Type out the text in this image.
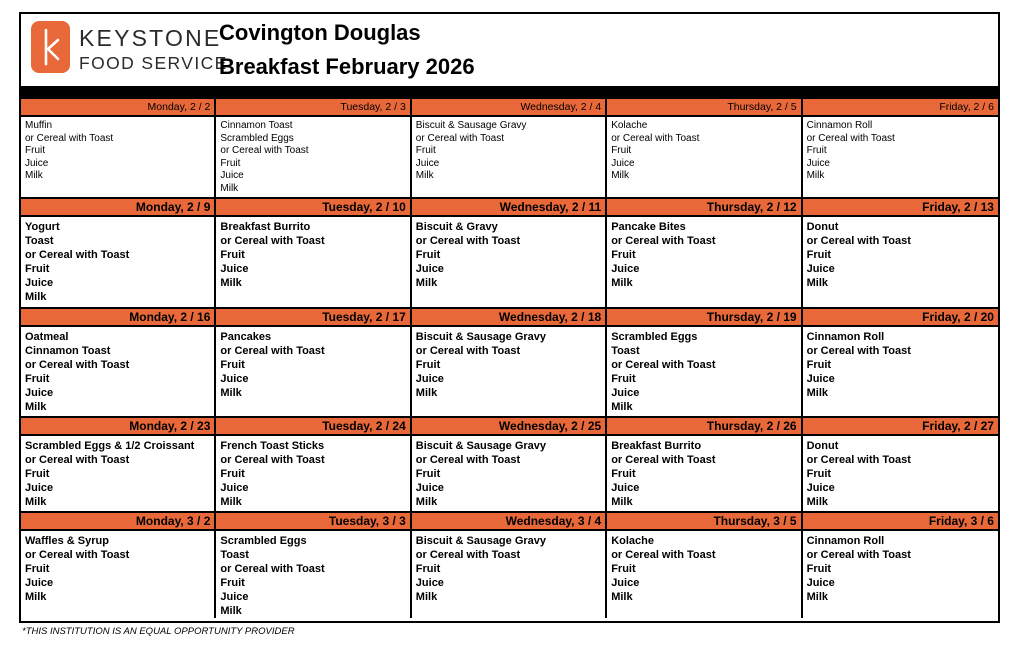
KEYSTONE
FOOD SERVICE
Covington Douglas
Breakfast February 2026
Monday, 2 / 2
Muffin
or Cereal with Toast
Fruit
Juice
Milk
Tuesday, 2 / 3
Cinnamon Toast
Scrambled Eggs
or Cereal with Toast
Fruit
Juice
Milk
Wednesday, 2 / 4
Biscuit & Sausage Gravy
or Cereal with Toast
Fruit
Juice
Milk
Thursday, 2 / 5
Kolache
or Cereal with Toast
Fruit
Juice
Milk
Friday, 2 / 6
Cinnamon Roll
or Cereal with Toast
Fruit
Juice
Milk
Monday, 2 / 9
Yogurt
Toast
or Cereal with Toast
Fruit
Juice
Milk
Tuesday, 2 / 10
Breakfast Burrito
or Cereal with Toast
Fruit
Juice
Milk
Wednesday, 2 / 11
Biscuit & Gravy
or Cereal with Toast
Fruit
Juice
Milk
Thursday, 2 / 12
Pancake Bites
or Cereal with Toast
Fruit
Juice
Milk
Friday, 2 / 13
Donut
or Cereal with Toast
Fruit
Juice
Milk
Monday, 2 / 16
Oatmeal
Cinnamon Toast
or Cereal with Toast
Fruit
Juice
Milk
Tuesday, 2 / 17
Pancakes
or Cereal with Toast
Fruit
Juice
Milk
Wednesday, 2 / 18
Biscuit & Sausage Gravy
or Cereal with Toast
Fruit
Juice
Milk
Thursday, 2 / 19
Scrambled Eggs
Toast
or Cereal with Toast
Fruit
Juice
Milk
Friday, 2 / 20
Cinnamon Roll
or Cereal with Toast
Fruit
Juice
Milk
Monday, 2 / 23
Scrambled Eggs & 1/2 Croissant
or Cereal with Toast
Fruit
Juice
Milk
Tuesday, 2 / 24
French Toast Sticks
or Cereal with Toast
Fruit
Juice
Milk
Wednesday, 2 / 25
Biscuit & Sausage Gravy
or Cereal with Toast
Fruit
Juice
Milk
Thursday, 2 / 26
Breakfast Burrito
or Cereal with Toast
Fruit
Juice
Milk
Friday, 2 / 27
Donut
or Cereal with Toast
Fruit
Juice
Milk
Monday, 3 / 2
Waffles & Syrup
or Cereal with Toast
Fruit
Juice
Milk
Tuesday, 3 / 3
Scrambled Eggs
Toast
or Cereal with Toast
Fruit
Juice
Milk
Wednesday, 3 / 4
Biscuit & Sausage Gravy
or Cereal with Toast
Fruit
Juice
Milk
Thursday, 3 / 5
Kolache
or Cereal with Toast
Fruit
Juice
Milk
Friday, 3 / 6
Cinnamon Roll
or Cereal with Toast
Fruit
Juice
Milk
*THIS INSTITUTION IS AN EQUAL OPPORTUNITY PROVIDER
